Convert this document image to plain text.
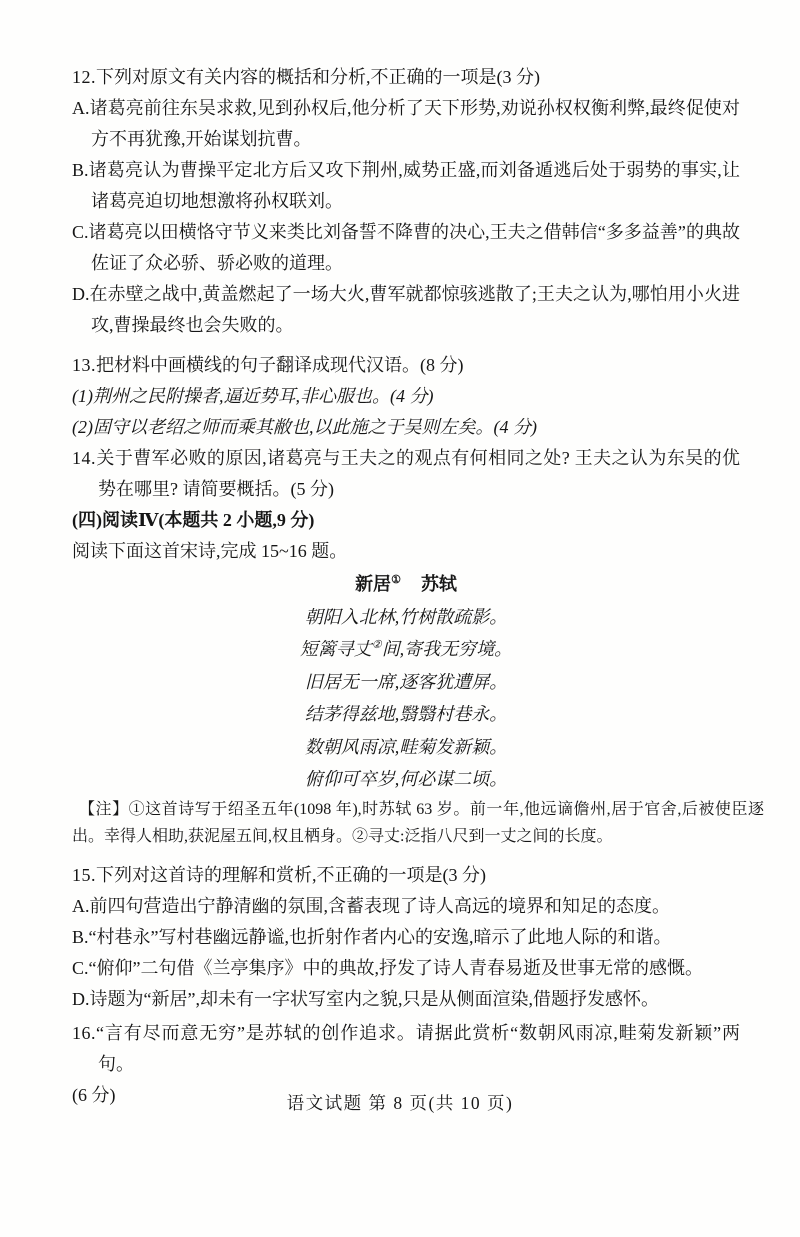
12.下列对原文有关内容的概括和分析,不正确的一项是(3 分)

A.诸葛亮前往东吴求救,见到孙权后,他分析了天下形势,劝说孙权权衡利弊,最终促使对方不再犹豫,开始谋划抗曹。

B.诸葛亮认为曹操平定北方后又攻下荆州,威势正盛,而刘备遁逃后处于弱势的事实,让诸葛亮迫切地想激将孙权联刘。

C.诸葛亮以田横恪守节义来类比刘备誓不降曹的决心,王夫之借韩信“多多益善”的典故佐证了众必骄、骄必败的道理。

D.在赤壁之战中,黄盖燃起了一场大火,曹军就都惊骇逃散了;王夫之认为,哪怕用小火进攻,曹操最终也会失败的。

13.把材料中画横线的句子翻译成现代汉语。(8 分)

(1)荆州之民附操者,逼近势耳,非心服也。(4 分)

(2)固守以老绍之师而乘其敝也,以此施之于吴则左矣。(4 分)

14.关于曹军必败的原因,诸葛亮与王夫之的观点有何相同之处? 王夫之认为东吴的优势在哪里? 请简要概括。(5 分)

(四)阅读Ⅳ(本题共 2 小题,9 分)

阅读下面这首宋诗,完成 15~16 题。

新居① 苏轼

朝阳入北林,竹树散疏影。

短篱寻丈②间,寄我无穷境。

旧居无一席,逐客犹遭屏。

结茅得兹地,翳翳村巷永。

数朝风雨凉,畦菊发新颖。

俯仰可卒岁,何必谋二顷。

【注】①这首诗写于绍圣五年(1098 年),时苏轼 63 岁。前一年,他远谪儋州,居于官舍,后被使臣逐出。幸得人相助,获泥屋五间,权且栖身。②寻丈:泛指八尺到一丈之间的长度。

15.下列对这首诗的理解和赏析,不正确的一项是(3 分)

A.前四句营造出宁静清幽的氛围,含蓄表现了诗人高远的境界和知足的态度。

B.“村巷永”写村巷幽远静谧,也折射作者内心的安逸,暗示了此地人际的和谐。

C.“俯仰”二句借《兰亭集序》中的典故,抒发了诗人青春易逝及世事无常的感慨。

D.诗题为“新居”,却未有一字状写室内之貌,只是从侧面渲染,借题抒发感怀。

16.“言有尽而意无穷”是苏轼的创作追求。请据此赏析“数朝风雨凉,畦菊发新颖”两句。

(6 分)	语文试题 第 8 页(共 10 页)
